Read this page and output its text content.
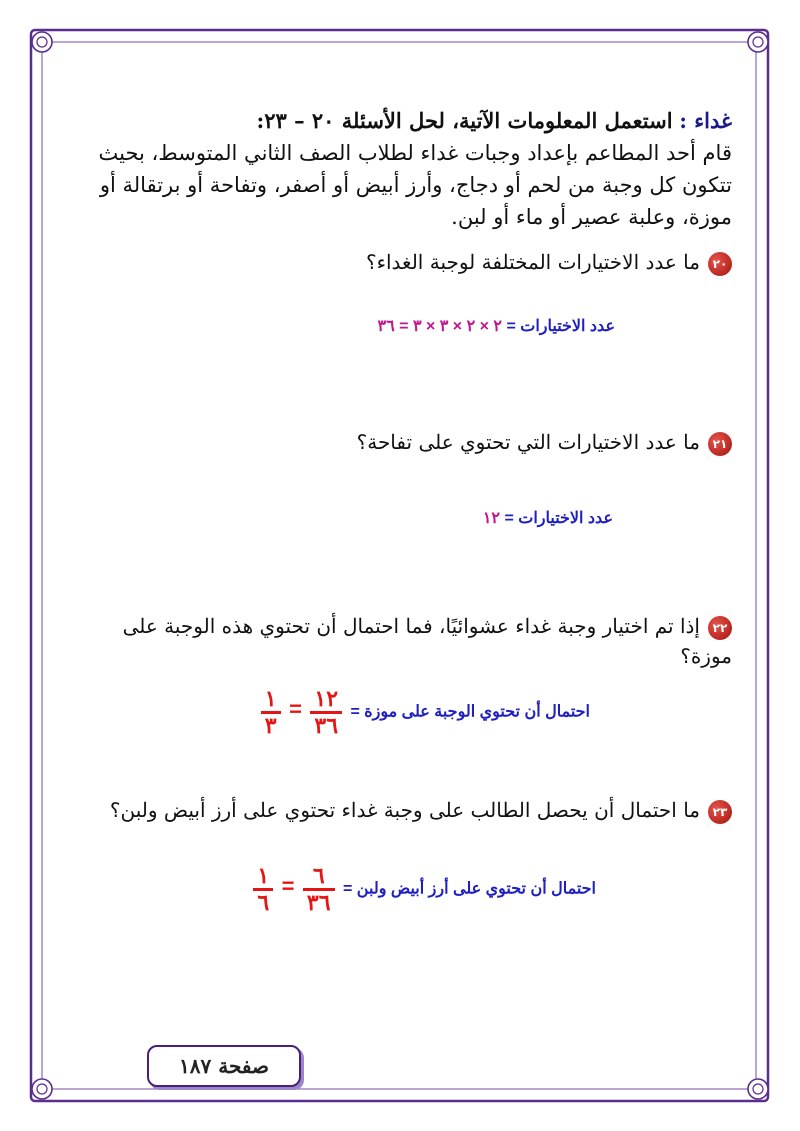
غداء : استعمل المعلومات الآتية، لحل الأسئلة ٢٠ – ٢٣:
قام أحد المطاعم بإعداد وجبات غداء لطلاب الصف الثاني المتوسط، بحيث تتكون كل وجبة من لحم أو دجاج، وأرز أبيض أو أصفر، وتفاحة أو برتقالة أو موزة، وعلبة عصير أو ماء أو لبن.
٢٠ما عدد الاختيارات المختلفة لوجبة الغداء؟
عدد الاختيارات = ٢ × ٢ × ٣ × ٣ = ٣٦
٢١ما عدد الاختيارات التي تحتوي على تفاحة؟
عدد الاختيارات = ١٢
٢٢إذا تم اختيار وجبة غداء عشوائيًا، فما احتمال أن تحتوي هذه الوجبة على موزة؟
احتمال أن تحتوي الوجبة على موزة =
$\frac{١٢}{٣٦}$
=
$\frac{١}{٣}$
٢٣ما احتمال أن يحصل الطالب على وجبة غداء تحتوي على أرز أبيض ولبن؟
احتمال أن تحتوي على أرز أبيض ولبن =
$\frac{٦}{٣٦}$
=
$\frac{١}{٦}$
صفحة ١٨٧
